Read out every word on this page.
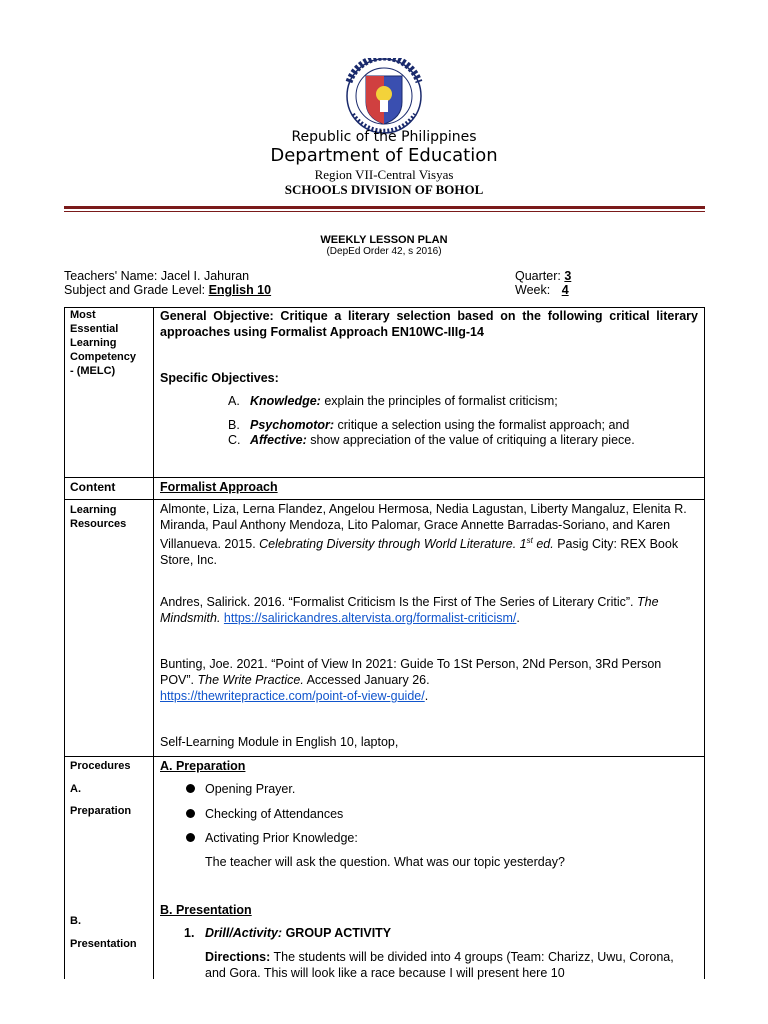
Republic of the Philippines
Department of Education
Region VII-Central Visyas
SCHOOLS DIVISION OF BOHOL
WEEKLY LESSON PLAN
(DepEd Order 42, s 2016)
Teachers' Name: Jacel I. Jahuran
Subject and Grade Level: English 10
Quarter: 3
Week: 4
Most
Essential
Learning
Competency
- (MELC)
General Objective: Critique a literary selection based on the following critical literary approaches using Formalist Approach EN10WC-IIIg-14
Specific Objectives:
A. Knowledge: explain the principles of formalist criticism;
B. Psychomotor: critique a selection using the formalist approach; and
C. Affective: show appreciation of the value of critiquing a literary piece.
Content	Formalist Approach
Learning
Resources
Almonte, Liza, Lerna Flandez, Angelou Hermosa, Nedia Lagustan, Liberty Mangaluz, Elenita R. Miranda, Paul Anthony Mendoza, Lito Palomar, Grace Annette Barradas-Soriano, and Karen Villanueva. 2015. Celebrating Diversity through World Literature. 1st ed. Pasig City: REX Book Store, Inc.
Andres, Salirick. 2016. “Formalist Criticism Is the First of The Series of Literary Critic”. The Mindsmith. https://salirickandres.altervista.org/formalist-criticism/.
Bunting, Joe. 2021. “Point of View In 2021: Guide To 1St Person, 2Nd Person, 3Rd Person POV”. The Write Practice. Accessed January 26.
https://thewritepractice.com/point-of-view-guide/.
Self-Learning Module in English 10, laptop,
Procedures
A.
Preparation
A. Preparation
Opening Prayer.
Checking of Attendances
Activating Prior Knowledge:
The teacher will ask the question. What was our topic yesterday?
B.
Presentation
B. Presentation
1. Drill/Activity: GROUP ACTIVITY
Directions: The students will be divided into 4 groups (Team: Charizz, Uwu, Corona, and Gora. This will look like a race because I will present here 10
